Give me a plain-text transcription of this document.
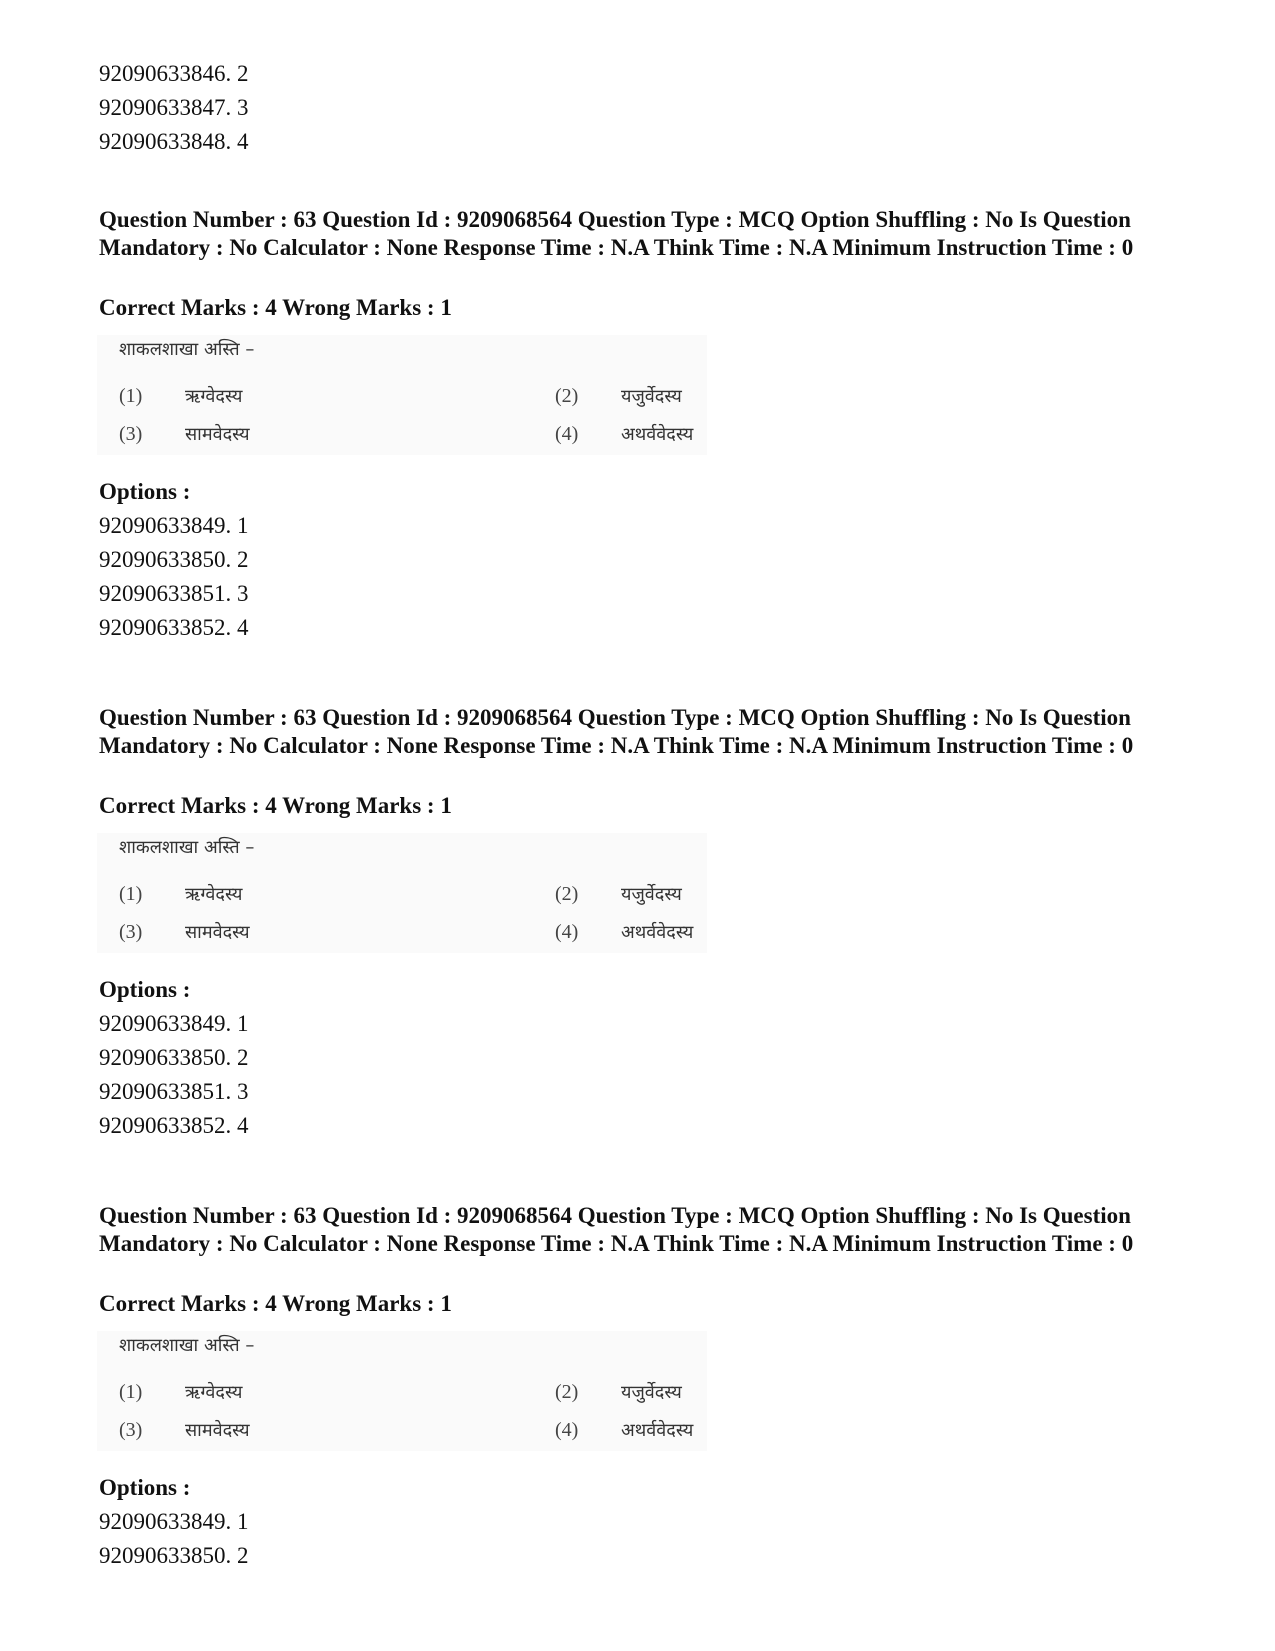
92090633846. 2
92090633847. 3
92090633848. 4
Question Number : 63 Question Id : 9209068564 Question Type : MCQ Option Shuffling : No Is Question Mandatory : No Calculator : None Response Time : N.A Think Time : N.A Minimum Instruction Time : 0
Correct Marks : 4 Wrong Marks : 1
शाकलशाखा अस्ति –
(1) ऋग्वेदस्य	(2) यजुर्वेदस्य
(3) सामवेदस्य	(4) अथर्ववेदस्य
Options :
92090633849. 1
92090633850. 2
92090633851. 3
92090633852. 4
Question Number : 63 Question Id : 9209068564 Question Type : MCQ Option Shuffling : No Is Question Mandatory : No Calculator : None Response Time : N.A Think Time : N.A Minimum Instruction Time : 0
Correct Marks : 4 Wrong Marks : 1
शाकलशाखा अस्ति –
(1) ऋग्वेदस्य	(2) यजुर्वेदस्य
(3) सामवेदस्य	(4) अथर्ववेदस्य
Options :
92090633849. 1
92090633850. 2
92090633851. 3
92090633852. 4
Question Number : 63 Question Id : 9209068564 Question Type : MCQ Option Shuffling : No Is Question Mandatory : No Calculator : None Response Time : N.A Think Time : N.A Minimum Instruction Time : 0
Correct Marks : 4 Wrong Marks : 1
शाकलशाखा अस्ति –
(1) ऋग्वेदस्य	(2) यजुर्वेदस्य
(3) सामवेदस्य	(4) अथर्ववेदस्य
Options :
92090633849. 1
92090633850. 2
